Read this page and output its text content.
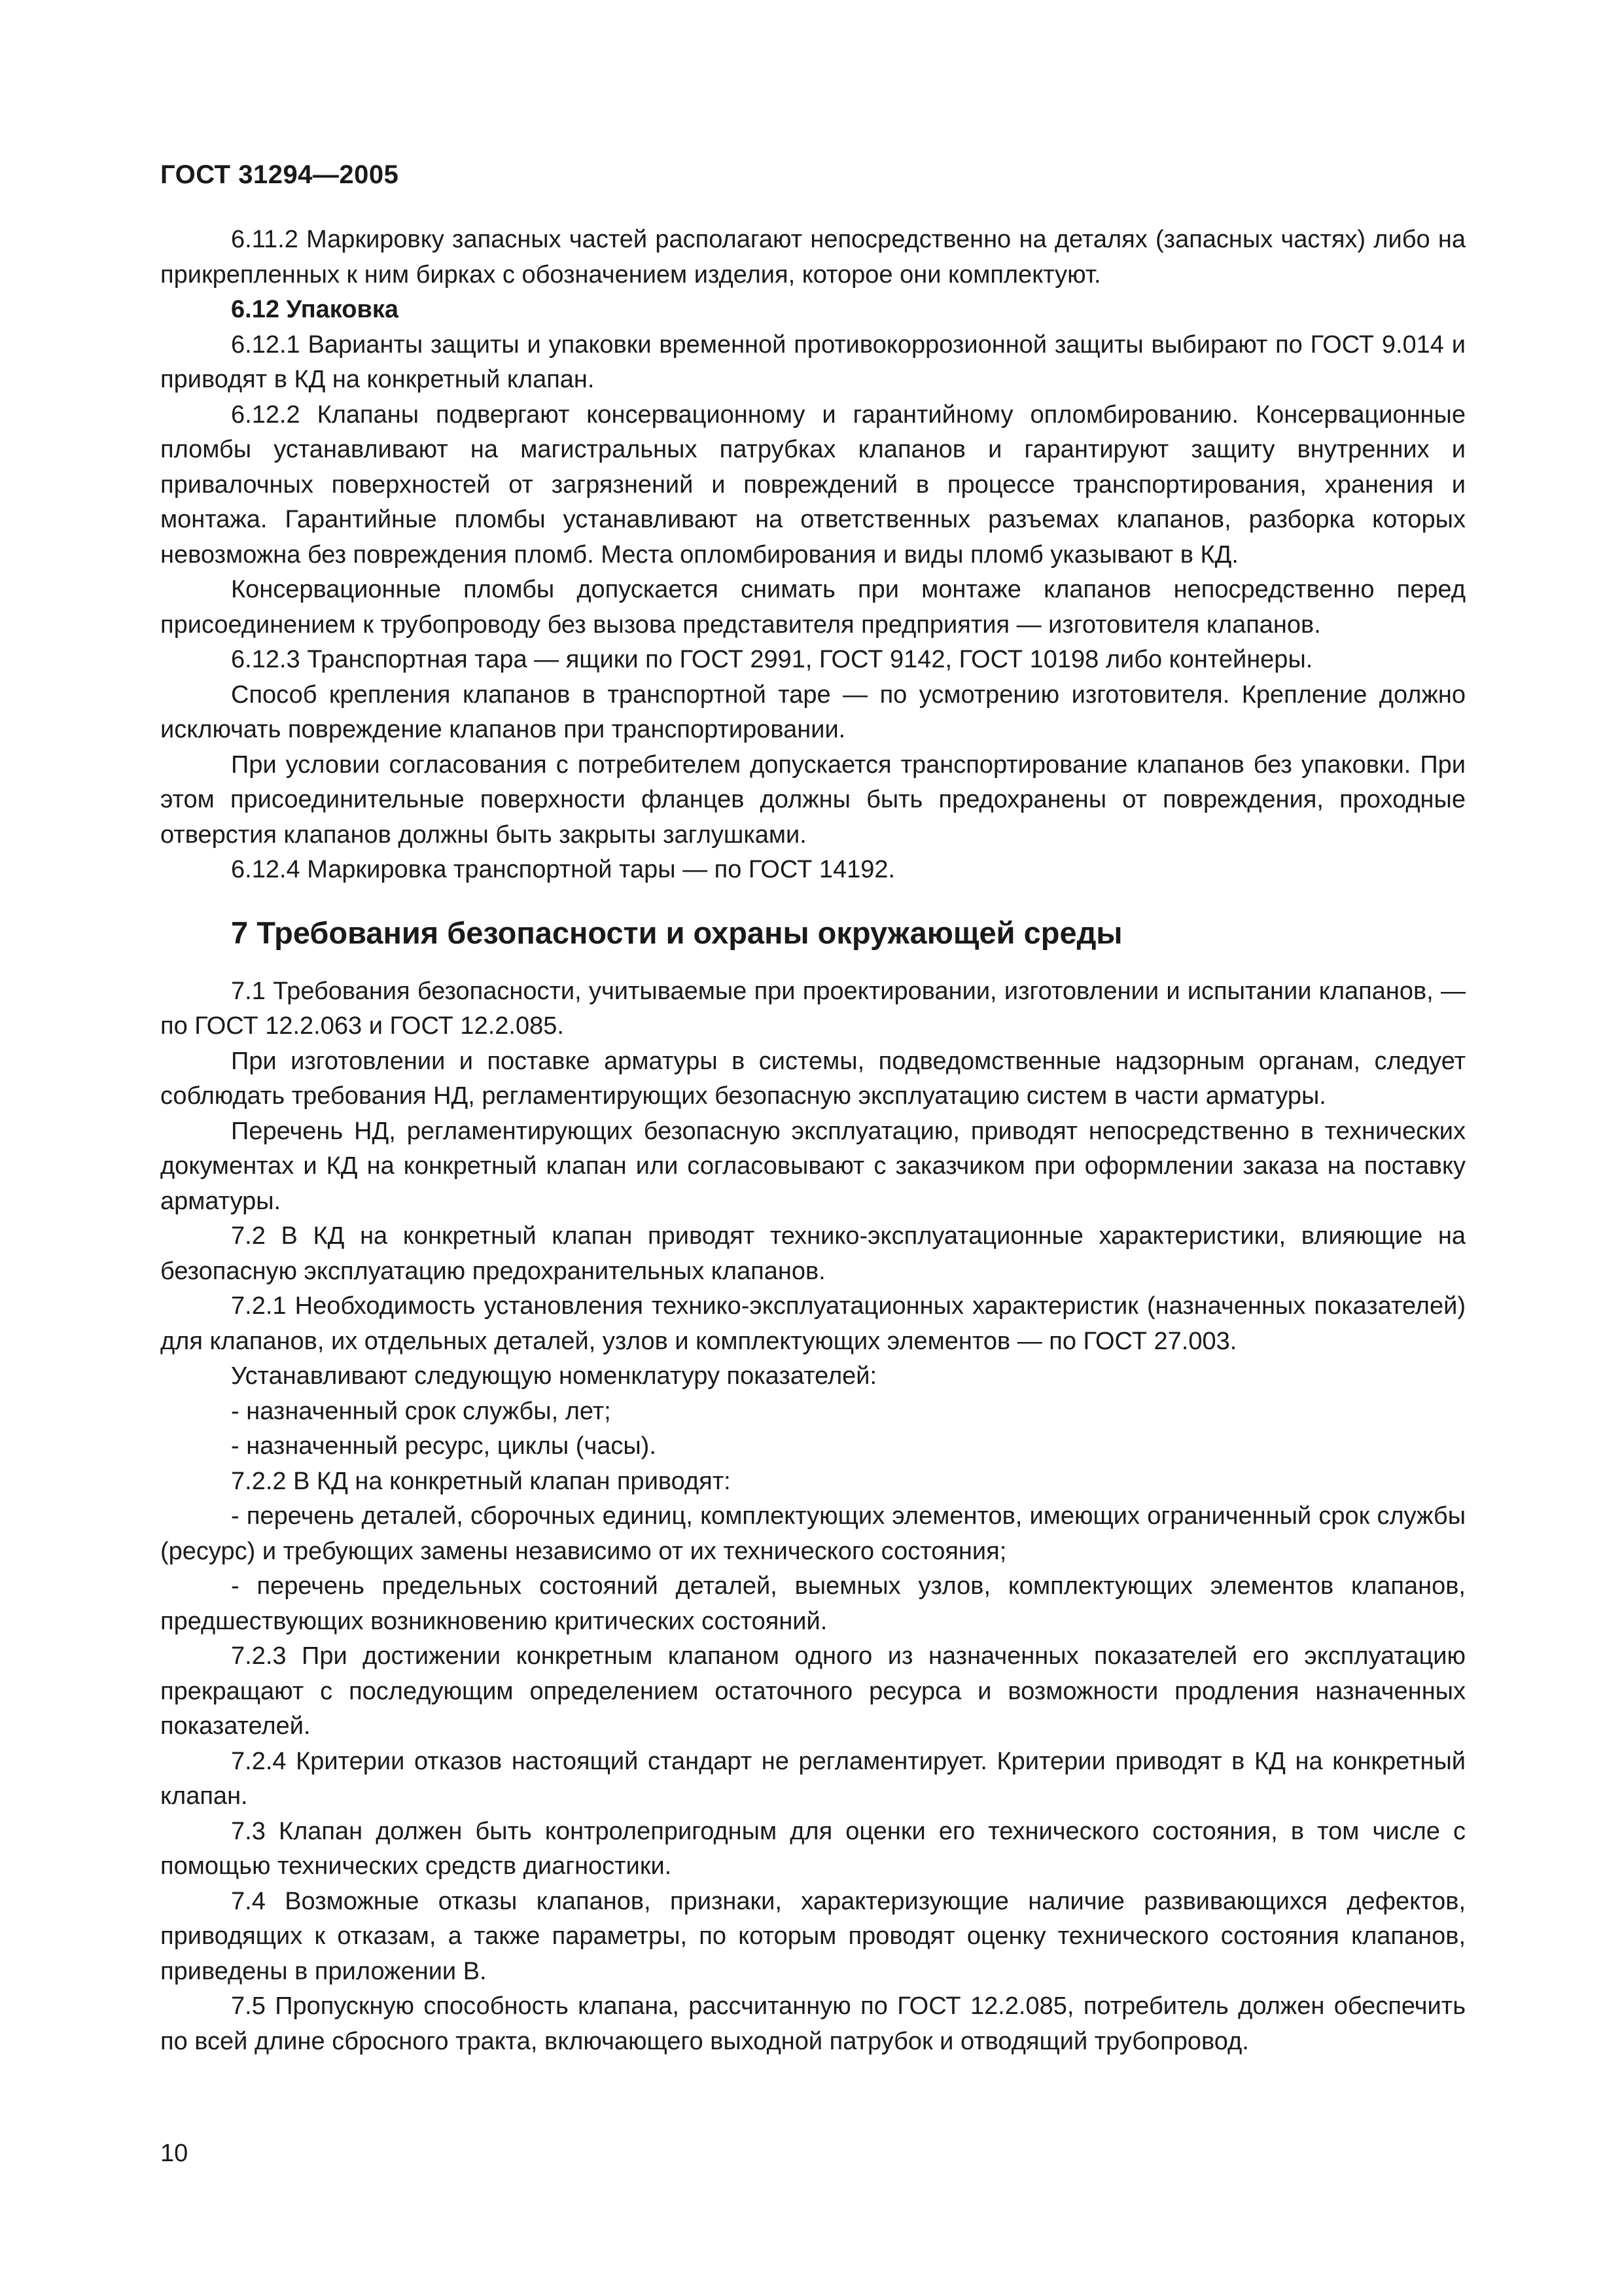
ГОСТ 31294—2005

6.11.2 Маркировку запасных частей располагают непосредственно на деталях (запасных частях) либо на прикрепленных к ним бирках с обозначением изделия, которое они комплектуют.

6.12 Упаковка

6.12.1 Варианты защиты и упаковки временной противокоррозионной защиты выбирают по ГОСТ 9.014 и приводят в КД на конкретный клапан.

6.12.2 Клапаны подвергают консервационному и гарантийному опломбированию. Консервационные пломбы устанавливают на магистральных патрубках клапанов и гарантируют защиту внутренних и привалочных поверхностей от загрязнений и повреждений в процессе транспортирования, хранения и монтажа. Гарантийные пломбы устанавливают на ответственных разъемах клапанов, разборка которых невозможна без повреждения пломб. Места опломбирования и виды пломб указывают в КД.

Консервационные пломбы допускается снимать при монтаже клапанов непосредственно перед присоединением к трубопроводу без вызова представителя предприятия — изготовителя клапанов.

6.12.3 Транспортная тара — ящики по ГОСТ 2991, ГОСТ 9142, ГОСТ 10198 либо контейнеры.

Способ крепления клапанов в транспортной таре — по усмотрению изготовителя. Крепление должно исключать повреждение клапанов при транспортировании.

При условии согласования с потребителем допускается транспортирование клапанов без упаковки. При этом присоединительные поверхности фланцев должны быть предохранены от повреждения, проходные отверстия клапанов должны быть закрыты заглушками.

6.12.4 Маркировка транспортной тары — по ГОСТ 14192.

7 Требования безопасности и охраны окружающей среды

7.1 Требования безопасности, учитываемые при проектировании, изготовлении и испытании клапанов, — по ГОСТ 12.2.063 и ГОСТ 12.2.085.

При изготовлении и поставке арматуры в системы, подведомственные надзорным органам, следует соблюдать требования НД, регламентирующих безопасную эксплуатацию систем в части арматуры.

Перечень НД, регламентирующих безопасную эксплуатацию, приводят непосредственно в технических документах и КД на конкретный клапан или согласовывают с заказчиком при оформлении заказа на поставку арматуры.

7.2 В КД на конкретный клапан приводят технико-эксплуатационные характеристики, влияющие на безопасную эксплуатацию предохранительных клапанов.

7.2.1 Необходимость установления технико-эксплуатационных характеристик (назначенных показателей) для клапанов, их отдельных деталей, узлов и комплектующих элементов — по ГОСТ 27.003.

Устанавливают следующую номенклатуру показателей:

- назначенный срок службы, лет;

- назначенный ресурс, циклы (часы).

7.2.2 В КД на конкретный клапан приводят:

- перечень деталей, сборочных единиц, комплектующих элементов, имеющих ограниченный срок службы (ресурс) и требующих замены независимо от их технического состояния;

- перечень предельных состояний деталей, выемных узлов, комплектующих элементов клапанов, предшествующих возникновению критических состояний.

7.2.3 При достижении конкретным клапаном одного из назначенных показателей его эксплуатацию прекращают с последующим определением остаточного ресурса и возможности продления назначенных показателей.

7.2.4 Критерии отказов настоящий стандарт не регламентирует. Критерии приводят в КД на конкретный клапан.

7.3 Клапан должен быть контролепригодным для оценки его технического состояния, в том числе с помощью технических средств диагностики.

7.4 Возможные отказы клапанов, признаки, характеризующие наличие развивающихся дефектов, приводящих к отказам, а также параметры, по которым проводят оценку технического состояния клапанов, приведены в приложении В.

7.5 Пропускную способность клапана, рассчитанную по ГОСТ 12.2.085, потребитель должен обеспечить по всей длине сбросного тракта, включающего выходной патрубок и отводящий трубопровод.

10
